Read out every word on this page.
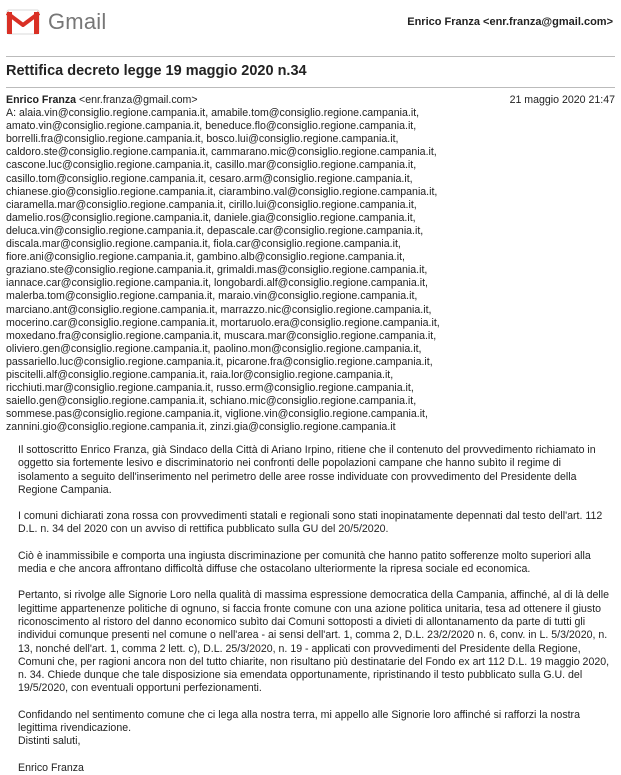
Gmail	Enrico Franza <enr.franza@gmail.com>
Rettifica decreto legge 19 maggio 2020 n.34
Enrico Franza <enr.franza@gmail.com>	21 maggio 2020 21:47
A: alaia.vin@consiglio.regione.campania.it, amabile.tom@consiglio.regione.campania.it,
amato.vin@consiglio.regione.campania.it, beneduce.flo@consiglio.regione.campania.it,
borrelli.fra@consiglio.regione.campania.it, bosco.lui@consiglio.regione.campania.it,
caldoro.ste@consiglio.regione.campania.it, cammarano.mic@consiglio.regione.campania.it,
cascone.luc@consiglio.regione.campania.it, casillo.mar@consiglio.regione.campania.it,
casillo.tom@consiglio.regione.campania.it, cesaro.arm@consiglio.regione.campania.it,
chianese.gio@consiglio.regione.campania.it, ciarambino.val@consiglio.regione.campania.it,
ciaramella.mar@consiglio.regione.campania.it, cirillo.lui@consiglio.regione.campania.it,
damelio.ros@consiglio.regione.campania.it, daniele.gia@consiglio.regione.campania.it,
deluca.vin@consiglio.regione.campania.it, depascale.car@consiglio.regione.campania.it,
discala.mar@consiglio.regione.campania.it, fiola.car@consiglio.regione.campania.it,
fiore.ani@consiglio.regione.campania.it, gambino.alb@consiglio.regione.campania.it,
graziano.ste@consiglio.regione.campania.it, grimaldi.mas@consiglio.regione.campania.it,
iannace.car@consiglio.regione.campania.it, longobardi.alf@consiglio.regione.campania.it,
malerba.tom@consiglio.regione.campania.it, maraio.vin@consiglio.regione.campania.it,
marciano.ant@consiglio.regione.campania.it, marrazzo.nic@consiglio.regione.campania.it,
mocerino.car@consiglio.regione.campania.it, mortaruolo.era@consiglio.regione.campania.it,
moxedano.fra@consiglio.regione.campania.it, muscara.mar@consiglio.regione.campania.it,
oliviero.gen@consiglio.regione.campania.it, paolino.mon@consiglio.regione.campania.it,
passariello.luc@consiglio.regione.campania.it, picarone.fra@consiglio.regione.campania.it,
piscitelli.alf@consiglio.regione.campania.it, raia.lor@consiglio.regione.campania.it,
ricchiuti.mar@consiglio.regione.campania.it, russo.erm@consiglio.regione.campania.it,
saiello.gen@consiglio.regione.campania.it, schiano.mic@consiglio.regione.campania.it,
sommese.pas@consiglio.regione.campania.it, viglione.vin@consiglio.regione.campania.it,
zannini.gio@consiglio.regione.campania.it, zinzi.gia@consiglio.regione.campania.it

Il sottoscritto Enrico Franza, già Sindaco della Città di Ariano Irpino, ritiene che il contenuto del provvedimento richiamato in oggetto sia fortemente lesivo e discriminatorio nei confronti delle popolazioni campane che hanno subìto il regime di isolamento a seguito dell'inserimento nel perimetro delle aree rosse individuate con provvedimento del Presidente della Regione Campania.

I comuni dichiarati zona rossa con provvedimenti statali e regionali sono stati inopinatamente depennati dal testo dell'art. 112 D.L. n. 34 del 2020 con un avviso di rettifica pubblicato sulla GU del 20/5/2020.

Ciò è inammissibile e comporta una ingiusta discriminazione per comunità che hanno patito sofferenze molto superiori alla media e che ancora affrontano difficoltà diffuse che ostacolano ulteriormente la ripresa sociale ed economica.

Pertanto, si rivolge alle Signorie Loro nella qualità di massima espressione democratica della Campania, affinché, al di là delle legittime appartenenze politiche di ognuno, si faccia fronte comune con una azione politica unitaria, tesa ad ottenere il giusto riconoscimento al ristoro del danno economico subìto dai Comuni sottoposti a divieti di allontanamento da parte di tutti gli individui comunque presenti nel comune o nell'area - ai sensi dell'art. 1, comma 2, D.L. 23/2/2020 n. 6, conv. in L. 5/3/2020, n. 13, nonché dell'art. 1, comma 2 lett. c), D.L. 25/3/2020, n. 19 - applicati con provvedimenti del Presidente della Regione, Comuni che, per ragioni ancora non del tutto chiarite, non risultano più destinatarie del Fondo ex art 112 D.L. 19 maggio 2020, n. 34. Chiede dunque che tale disposizione sia emendata opportunamente, ripristinando il testo pubblicato sulla G.U. del 19/5/2020, con eventuali opportuni perfezionamenti.

Confidando nel sentimento comune che ci lega alla nostra terra, mi appello alle Signorie loro affinché si rafforzi la nostra legittima rivendicazione.

Distinti saluti,

Enrico Franza
